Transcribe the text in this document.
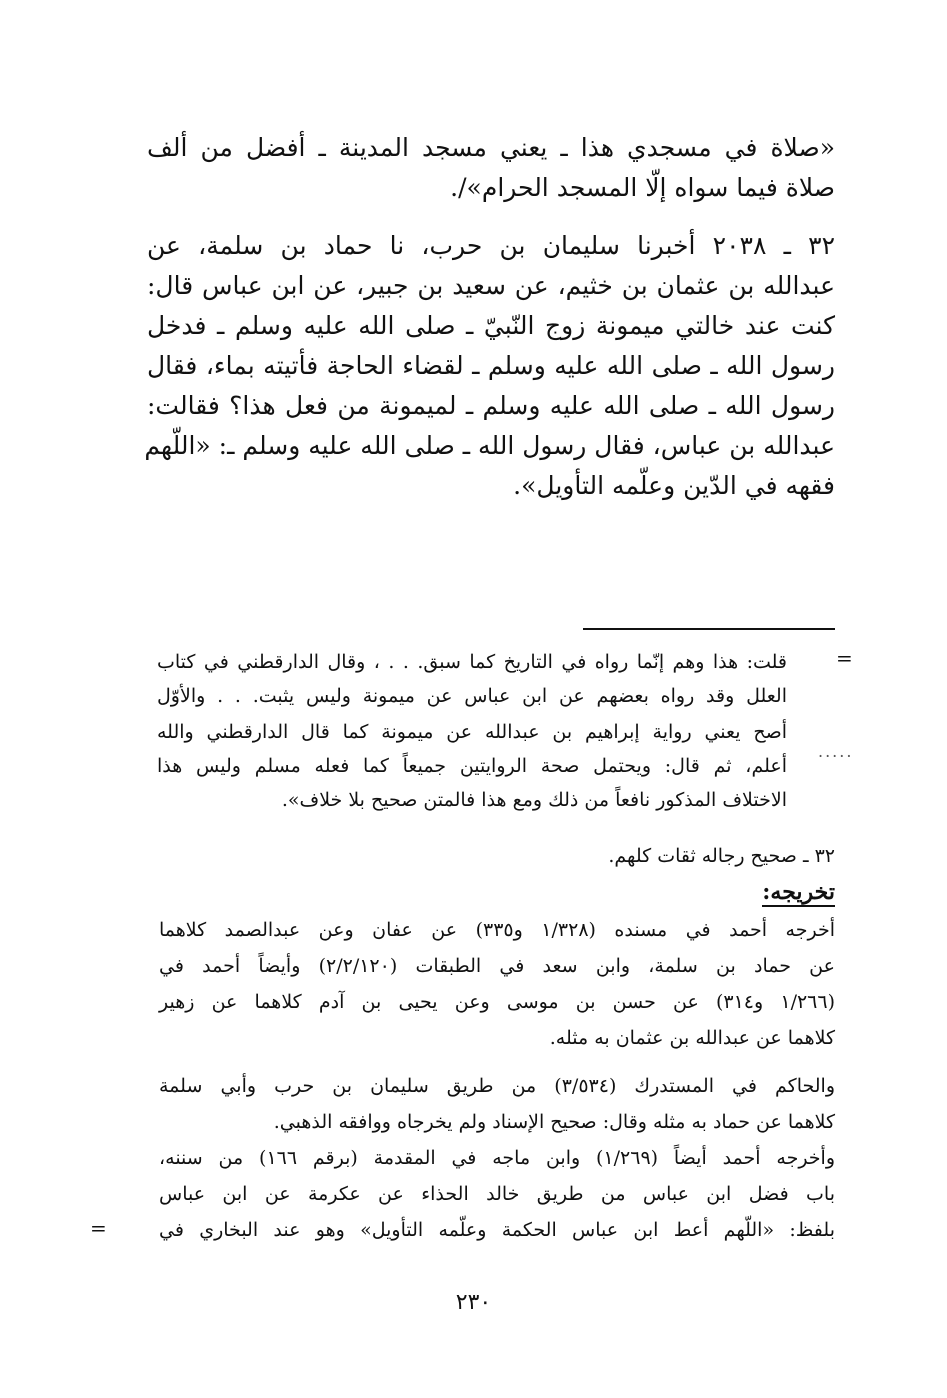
«صلاة في مسجدي هذا ـ يعني مسجد المدينة ـ أفضل من ألف
صلاة فيما سواه إلّا المسجد الحرام»/.
٣٢ ـ ٢٠٣٨ أخبرنا سليمان بن حرب، نا حماد بن سلمة، عن
عبدالله بن عثمان بن خثيم، عن سعيد بن جبير، عن ابن عباس قال:
كنت عند خالتي ميمونة زوج النّبيّ ـ صلى الله عليه وسلم ـ فدخل
رسول الله ـ صلى الله عليه وسلم ـ لقضاء الحاجة فأتيته بماء، فقال
رسول الله ـ صلى الله عليه وسلم ـ لميمونة من فعل هذا؟ فقالت:
عبدالله بن عباس، فقال رسول الله ـ صلى الله عليه وسلم ـ: «اللّهم
فقهه في الدّين وعلّمه التأويل».
=
.....
قلت: هذا وهم إنّما رواه في التاريخ كما سبق. . . ، وقال الدارقطني في كتاب
العلل وقد رواه بعضهم عن ابن عباس عن ميمونة وليس يثبت. . . والأوّل
أصح يعني رواية إبراهيم بن عبدالله عن ميمونة كما قال الدارقطني والله
أعلم، ثم قال: ويحتمل صحة الروايتين جميعاً كما فعله مسلم وليس هذا
الاختلاف المذكور نافعاً من ذلك ومع هذا فالمتن صحيح بلا خلاف».
٣٢ ـ صحيح رجاله ثقات كلهم.
تخريجه:
أخرجه أحمد في مسنده (١/٣٢٨ و٣٣٥) عن عفان وعن عبدالصمد كلاهما
عن حماد بن سلمة، وابن سعد في الطبقات (٢/٢/١٢٠) وأيضاً أحمد في
(١/٢٦٦ و٣١٤) عن حسن بن موسى وعن يحيى بن آدم كلاهما عن زهير
كلاهما عن عبدالله بن عثمان به مثله.
والحاكم في المستدرك (٣/٥٣٤) من طريق سليمان بن حرب وأبي سلمة
كلاهما عن حماد به مثله وقال: صحيح الإسناد ولم يخرجاه ووافقه الذهبي.
وأخرجه أحمد أيضاً (١/٢٦٩) وابن ماجه في المقدمة (برقم ١٦٦) من سننه،
باب فضل ابن عباس من طريق خالد الحذاء عن عكرمة عن ابن عباس
بلفظ: «اللّهم أعط ابن عباس الحكمة وعلّمه التأويل» وهو عند البخاري في
=
٢٣٠
